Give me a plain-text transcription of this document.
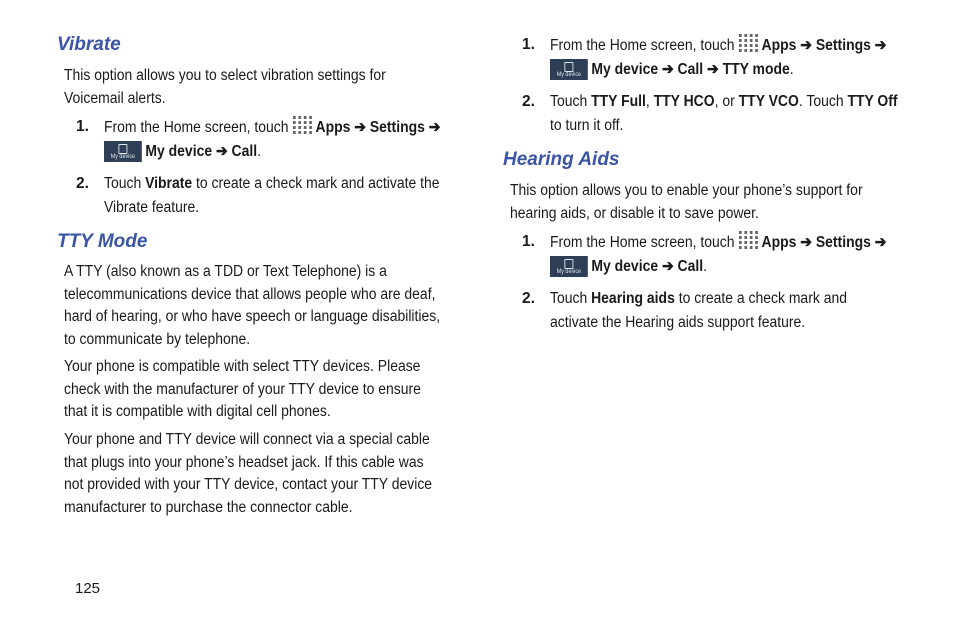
Vibrate
This option allows you to select vibration settings for
Voicemail alerts.
1. From the Home screen, touch Apps ➔ Settings ➔
My device My device ➔ Call.
2. Touch Vibrate to create a check mark and activate the
Vibrate feature.
TTY Mode
A TTY (also known as a TDD or Text Telephone) is a
telecommunications device that allows people who are deaf,
hard of hearing, or who have speech or language disabilities,
to communicate by telephone.
Your phone is compatible with select TTY devices. Please
check with the manufacturer of your TTY device to ensure
that it is compatible with digital cell phones.
Your phone and TTY device will connect via a special cable
that plugs into your phone’s headset jack. If this cable was
not provided with your TTY device, contact your TTY device
manufacturer to purchase the connector cable.
1. From the Home screen, touch Apps ➔ Settings ➔
My device My device ➔ Call ➔ TTY mode.
2. Touch TTY Full, TTY HCO, or TTY VCO. Touch TTY Off
to turn it off.
Hearing Aids
This option allows you to enable your phone’s support for
hearing aids, or disable it to save power.
1. From the Home screen, touch Apps ➔ Settings ➔
My device My device ➔ Call.
2. Touch Hearing aids to create a check mark and
activate the Hearing aids support feature.
125
